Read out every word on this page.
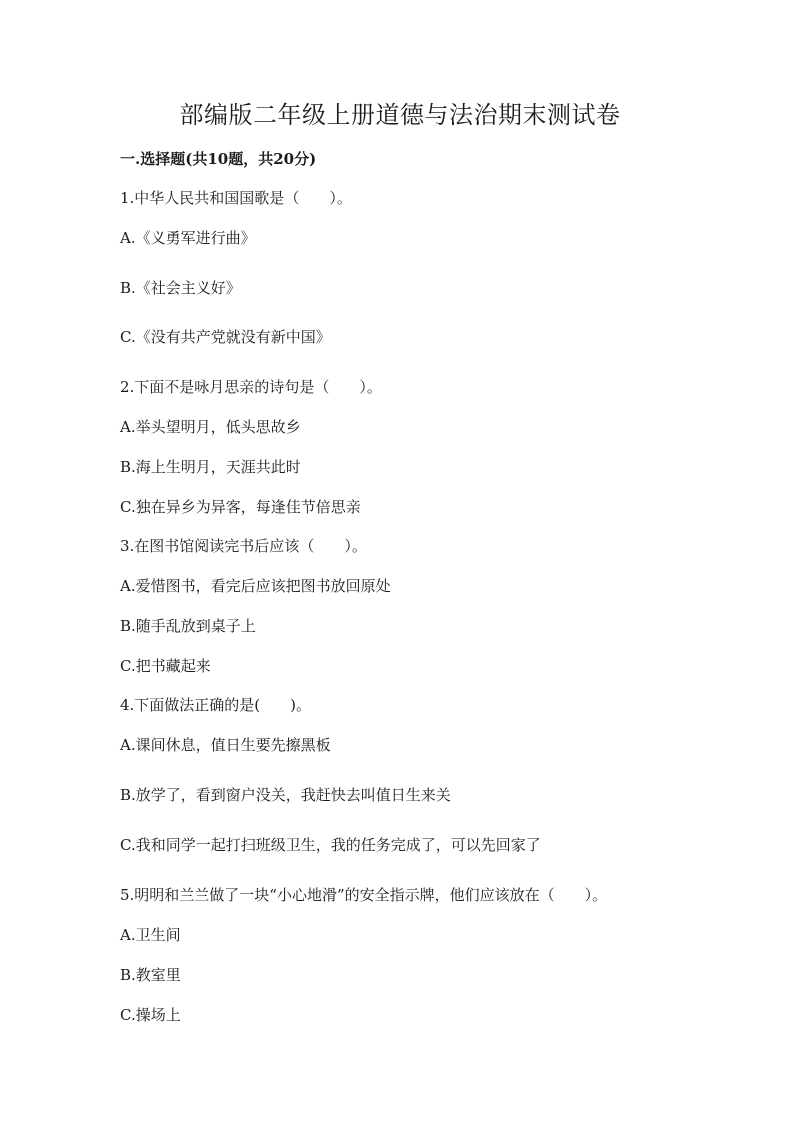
部编版二年级上册道德与法治期末测试卷
一.选择题(共10题，共20分)
1.中华人民共和国国歌是（　　）。
A.《义勇军进行曲》
B.《社会主义好》
C.《没有共产党就没有新中国》
2.下面不是咏月思亲的诗句是（　　）。
A.举头望明月，低头思故乡
B.海上生明月，天涯共此时
C.独在异乡为异客，每逢佳节倍思亲
3.在图书馆阅读完书后应该（　　）。
A.爱惜图书，看完后应该把图书放回原处
B.随手乱放到桌子上
C.把书藏起来
4.下面做法正确的是(　　)。
A.课间休息，值日生要先擦黑板
B.放学了，看到窗户没关，我赶快去叫值日生来关
C.我和同学一起打扫班级卫生，我的任务完成了，可以先回家了
5.明明和兰兰做了一块“小心地滑”的安全指示牌，他们应该放在（　　）。
A.卫生间
B.教室里
C.操场上
